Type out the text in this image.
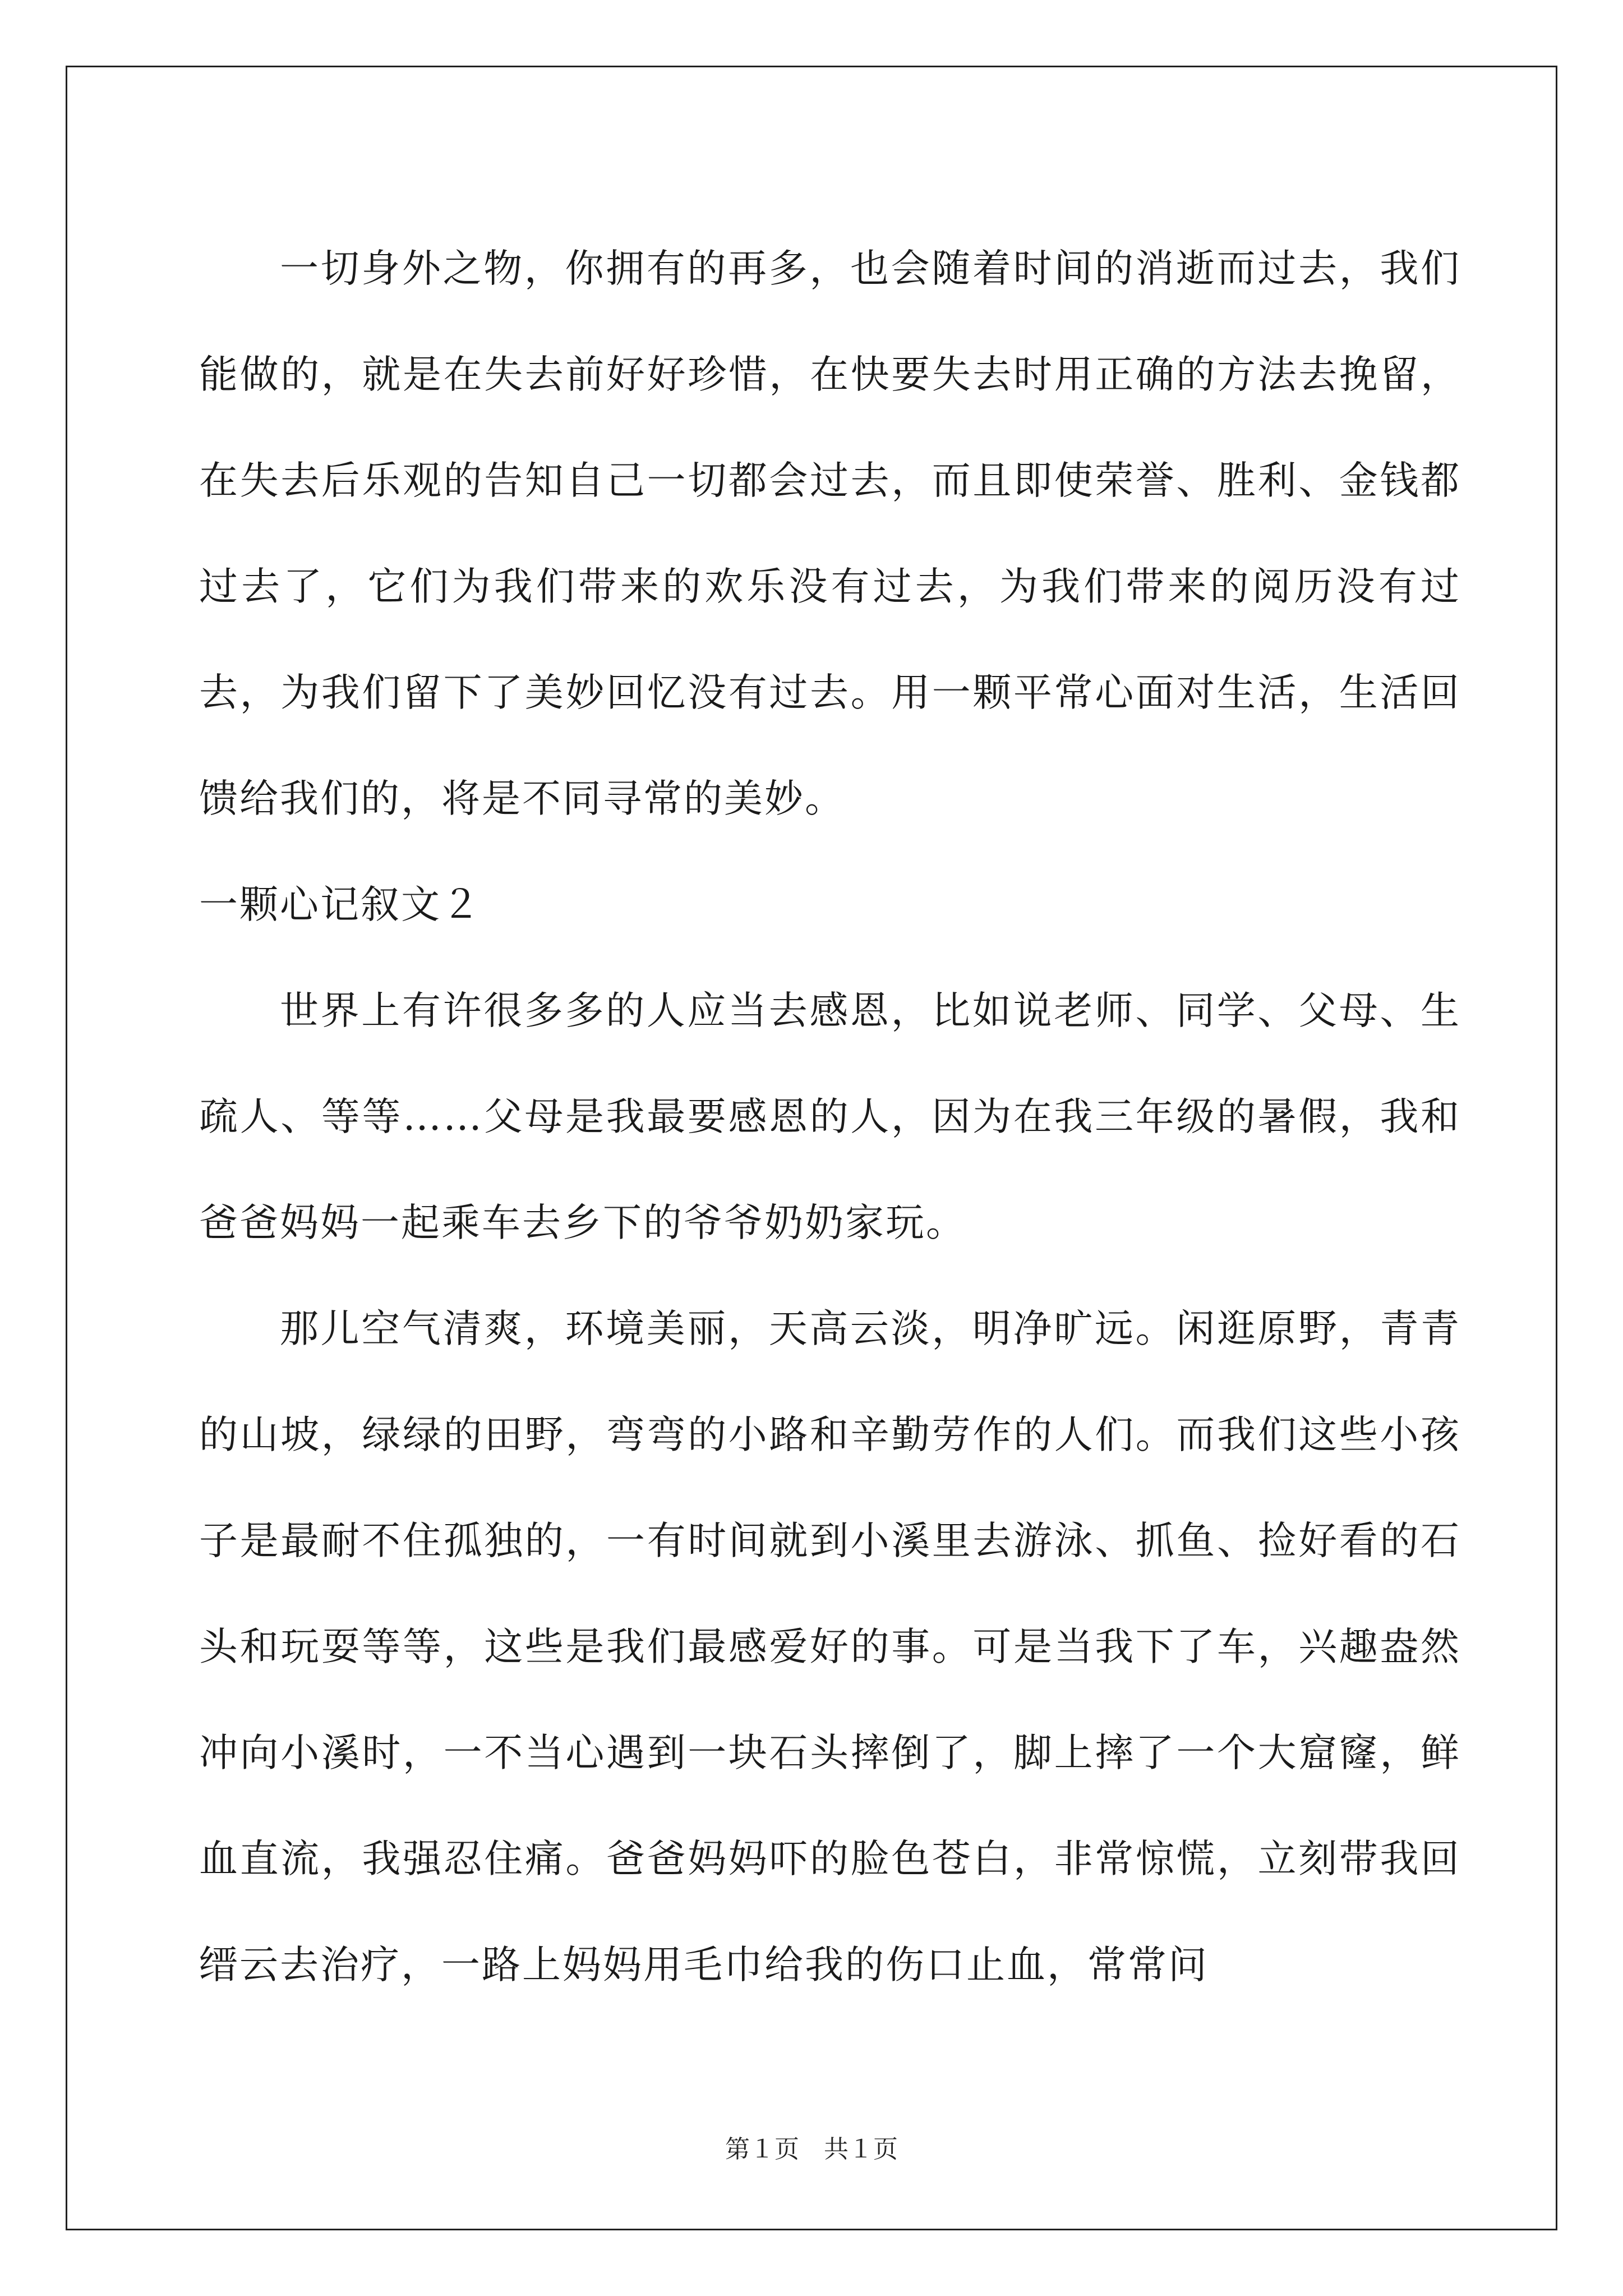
一切身外之物，你拥有的再多，也会随着时间的消逝而过去，我们能做的，就是在失去前好好珍惜，在快要失去时用正确的方法去挽留，在失去后乐观的告知自己一切都会过去，而且即使荣誉、胜利、金钱都过去了，它们为我们带来的欢乐没有过去，为我们带来的阅历没有过去，为我们留下了美妙回忆没有过去。用一颗平常心面对生活，生活回馈给我们的，将是不同寻常的美妙。

一颗心记叙文２

世界上有许很多多的人应当去感恩，比如说老师、同学、父母、生疏人、等等……父母是我最要感恩的人，因为在我三年级的暑假，我和爸爸妈妈一起乘车去乡下的爷爷奶奶家玩。

那儿空气清爽，环境美丽，天高云淡，明净旷远。闲逛原野，青青的山坡，绿绿的田野，弯弯的小路和辛勤劳作的人们。而我们这些小孩子是最耐不住孤独的，一有时间就到小溪里去游泳、抓鱼、捡好看的石头和玩耍等等，这些是我们最感爱好的事。可是当我下了车，兴趣盎然冲向小溪时，一不当心遇到一块石头摔倒了，脚上摔了一个大窟窿，鲜血直流，我强忍住痛。爸爸妈妈吓的脸色苍白，非常惊慌，立刻带我回缙云去治疗，一路上妈妈用毛巾给我的伤口止血，常常问

第１页 共１页
